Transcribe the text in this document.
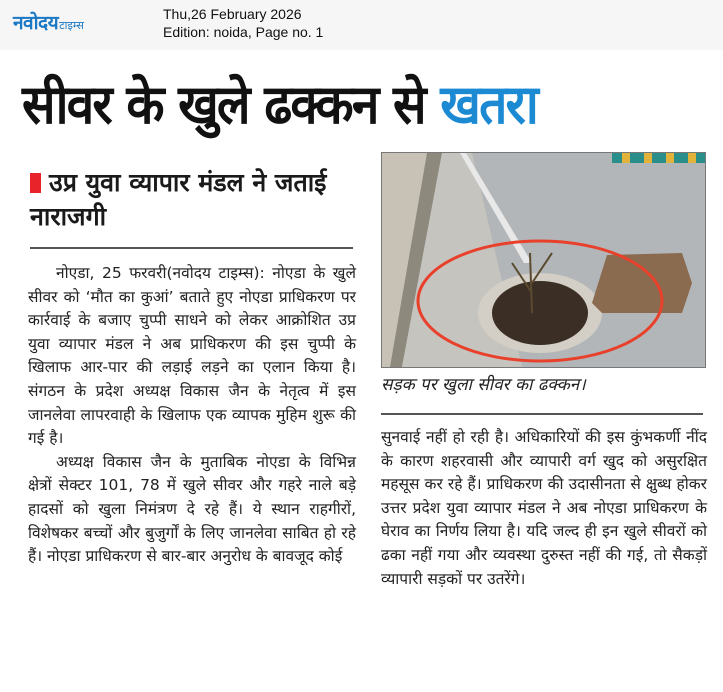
नवोदय टाइम्स
Thu,26 February 2026
Edition: noida, Page no. 1
सीवर के खुले ढक्कन से खतरा
उप्र युवा व्यापार मंडल ने जताई नाराजगी

नोएडा, 25 फरवरी(नवोदय टाइम्स): नोएडा के खुले सीवर को ‘मौत का कुआं’ बताते हुए नोएडा प्राधिकरण पर कार्रवाई के बजाए चुप्पी साधने को लेकर आक्रोशित उप्र युवा व्यापार मंडल ने अब प्राधिकरण की इस चुप्पी के खिलाफ आर-पार की लड़ाई लड़ने का एलान किया है। संगठन के प्रदेश अध्यक्ष विकास जैन के नेतृत्व में इस जानलेवा लापरवाही के खिलाफ एक व्यापक मुहिम शुरू की गई है।

अध्यक्ष विकास जैन के मुताबिक नोएडा के विभिन्न क्षेत्रों सेक्टर 101, 78 में खुले सीवर और गहरे नाले बड़े हादसों को खुला निमंत्रण दे रहे हैं। ये स्थान राहगीरों, विशेषकर बच्चों और बुजुर्गों के लिए जानलेवा साबित हो रहे हैं। नोएडा प्राधिकरण से बार-बार अनुरोध के बावजूद कोई

सड़क पर खुला सीवर का ढक्कन।

सुनवाई नहीं हो रही है। अधिकारियों की इस कुंभकर्णी नींद के कारण शहरवासी और व्यापारी वर्ग खुद को असुरक्षित महसूस कर रहे हैं। प्राधिकरण की उदासीनता से क्षुब्ध होकर उत्तर प्रदेश युवा व्यापार मंडल ने अब नोएडा प्राधिकरण के घेराव का निर्णय लिया है। यदि जल्द ही इन खुले सीवरों को ढका नहीं गया और व्यवस्था दुरुस्त नहीं की गई, तो सैकड़ों व्यापारी सड़कों पर उतरेंगे।
